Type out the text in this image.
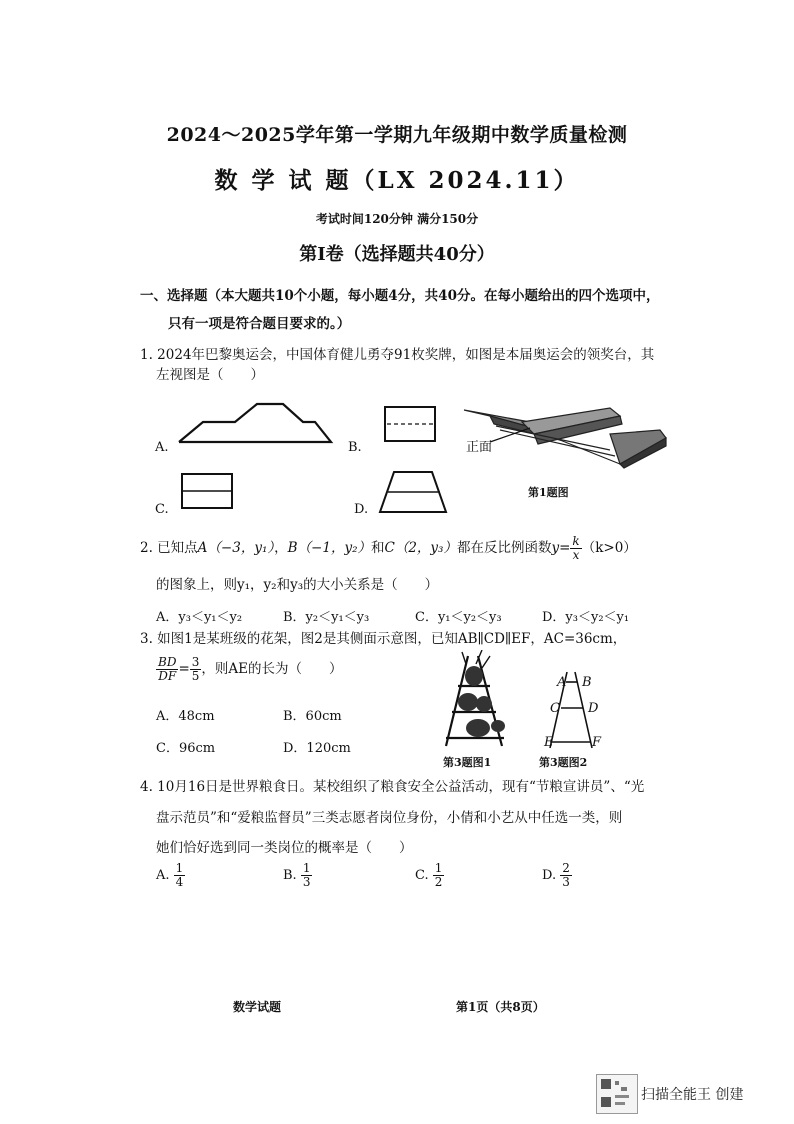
2024～2025学年第一学期九年级期中数学质量检测
数 学 试 题（LX 2024.11）
考试时间120分钟 满分150分
第Ⅰ卷（选择题共40分）
一、选择题（本大题共10个小题，每小题4分，共40分。在每小题给出的四个选项中，
只有一项是符合题目要求的。）
1. 2024年巴黎奥运会，中国体育健儿勇夺91枚奖牌，如图是本届奥运会的领奖台，其
左视图是（　　）
A.	B.
C.	D.
正面
第1题图
2. 已知点A（−3，y₁），B（−1，y₂）和C（2，y₃）都在反比例函数$y= \frac{k}{x} (k>0)$
的图象上，则y₁，y₂和y₃的大小关系是（　　）
A．y₃＜y₁＜y₂	B．y₂＜y₁＜y₃	C．y₁＜y₂＜y₃	D．y₃＜y₂＜y₁
3. 如图1是某班级的花架，图2是其侧面示意图，已知AB∥CD∥EF，AC=36cm，
$\frac{BD}{DF} = \frac{3}{5}$ ，则AE的长为（　　）
A．48cm	B．60cm
C．96cm	D．120cm
第3题图1
A B
C D
E	F
第3题图2
4. 10月16日是世界粮食日。某校组织了粮食安全公益活动，现有“节粮宣讲员”、“光
盘示范员”和“爱粮监督员”三类志愿者岗位身份，小倩和小艺从中任选一类，则
她们恰好选到同一类岗位的概率是（　　）
A. $\frac{1}{4}$	B. $\frac{1}{3}$	C. $\frac{1}{2}$	D. $\frac{2}{3}$
数学试题	第1页（共8页）
扫描全能王 创建
